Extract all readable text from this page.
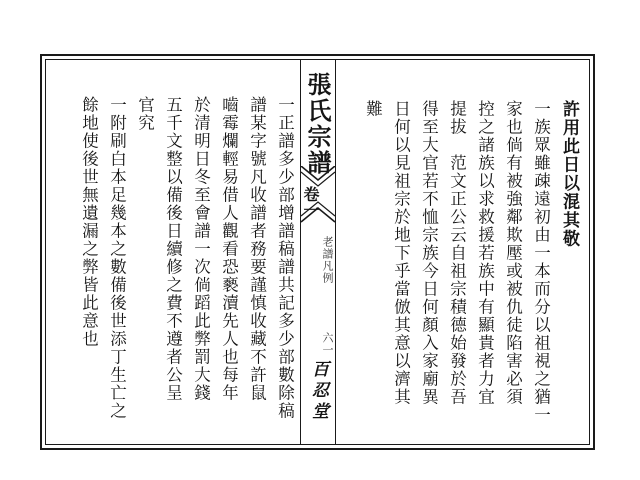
許用此日以混其敬
一族眾雖疎遠初由一本而分以祖視之猶一
家也倘有被強鄰欺壓或被仇徒陷害必須
控之諸族以求救援若族中有顯貴者力宜
提拔　范文正公云自祖宗積德始發於吾
得至大官若不恤宗族今日何顏入家廟異
日何以見祖宗於地下乎當倣其意以濟其
難
張氏宗譜
卷一
老譜凡例
六一
百忍堂
一正譜多少部增譜稿譜共記多少部數除稿
譜某字號凡收譜者務要謹慎收藏不許鼠
嚙霉爛輕易借人觀看恐褻瀆先人也每年
於清明日冬至會譜一次倘蹈此弊罰大錢
五千文整以備後日續修之費不遵者公呈
官究
一附刷白本足幾本之數備後世添丁生亡之
餘地使後世無遺漏之弊皆此意也
